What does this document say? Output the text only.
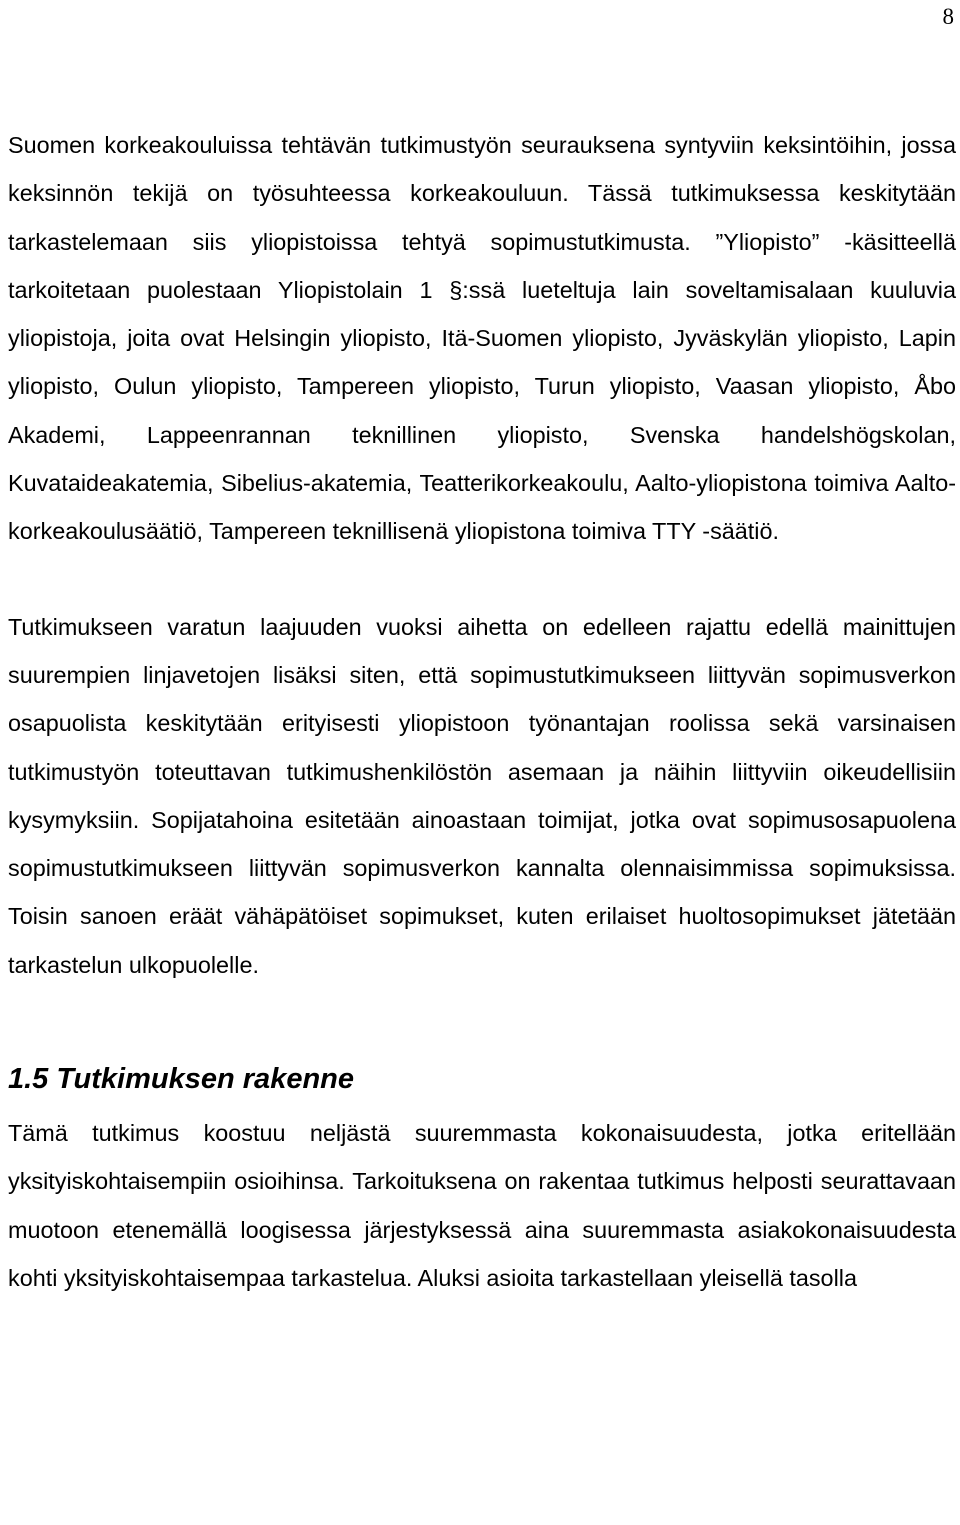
8

Suomen korkeakouluissa tehtävän tutkimustyön seurauksena syntyviin keksintöihin, jossa keksinnön tekijä on työsuhteessa korkeakouluun. Tässä tutkimuksessa keskitytään tarkastelemaan siis yliopistoissa tehtyä sopimustutkimusta. ”Yliopisto” -käsitteellä tarkoitetaan puolestaan Yliopistolain 1 §:ssä lueteltuja lain soveltamisalaan kuuluvia yliopistoja, joita ovat Helsingin yliopisto, Itä-Suomen yliopisto, Jyväskylän yliopisto, Lapin yliopisto, Oulun yliopisto, Tampereen yliopisto, Turun yliopisto, Vaasan yliopisto, Åbo Akademi, Lappeenrannan teknillinen yliopisto, Svenska handelshögskolan, Kuvataideakatemia, Sibelius-akatemia, Teatterikorkeakoulu, Aalto-yliopistona toimiva Aalto-korkeakoulusäätiö, Tampereen teknillisenä yliopistona toimiva TTY -säätiö.

Tutkimukseen varatun laajuuden vuoksi aihetta on edelleen rajattu edellä mainittujen suurempien linjavetojen lisäksi siten, että sopimustutkimukseen liittyvän sopimusverkon osapuolista keskitytään erityisesti yliopistoon työnantajan roolissa sekä varsinaisen tutkimustyön toteuttavan tutkimushenkilöstön asemaan ja näihin liittyviin oikeudellisiin kysymyksiin. Sopijatahoina esitetään ainoastaan toimijat, jotka ovat sopimusosapuolena sopimustutkimukseen liittyvän sopimusverkon kannalta olennaisimmissa sopimuksissa. Toisin sanoen eräät vähäpätöiset sopimukset, kuten erilaiset huoltosopimukset jätetään tarkastelun ulkopuolelle.

1.5 Tutkimuksen rakenne

Tämä tutkimus koostuu neljästä suuremmasta kokonaisuudesta, jotka eritellään yksityiskohtaisempiin osioihinsa. Tarkoituksena on rakentaa tutkimus helposti seurattavaan muotoon etenemällä loogisessa järjestyksessä aina suuremmasta asiakokonaisuudesta kohti yksityiskohtaisempaa tarkastelua. Aluksi asioita tarkastellaan yleisellä tasolla
